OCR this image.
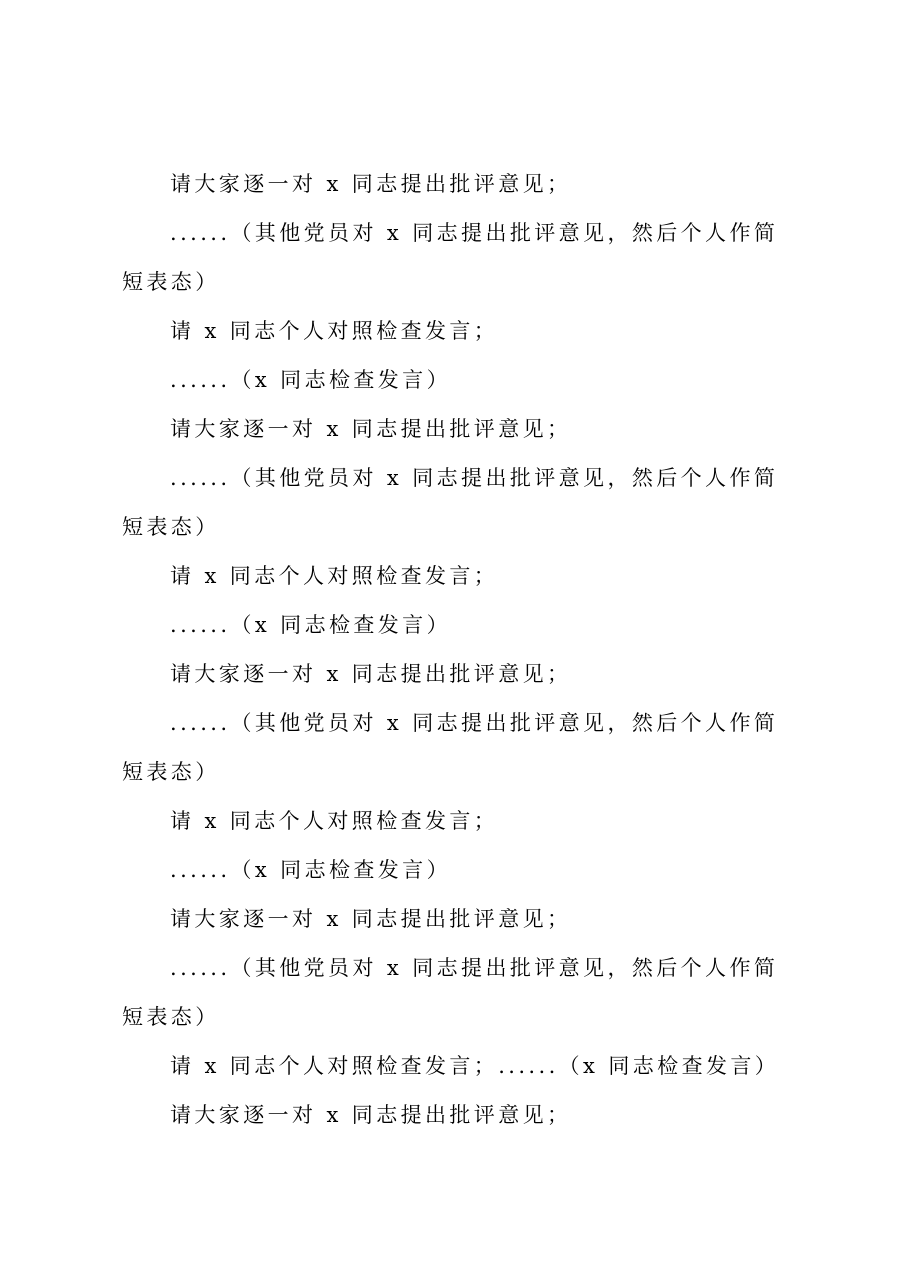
请大家逐一对 x 同志提出批评意见；

......（其他党员对 x 同志提出批评意见，然后个人作简短表态）

请 x 同志个人对照检查发言；

......（x 同志检查发言）

请大家逐一对 x 同志提出批评意见；

......（其他党员对 x 同志提出批评意见，然后个人作简短表态）

请 x 同志个人对照检查发言；

......（x 同志检查发言）

请大家逐一对 x 同志提出批评意见；

......（其他党员对 x 同志提出批评意见，然后个人作简短表态）

请 x 同志个人对照检查发言；

......（x 同志检查发言）

请大家逐一对 x 同志提出批评意见；

......（其他党员对 x 同志提出批评意见，然后个人作简短表态）

请 x 同志个人对照检查发言；......（x 同志检查发言）

请大家逐一对 x 同志提出批评意见；
